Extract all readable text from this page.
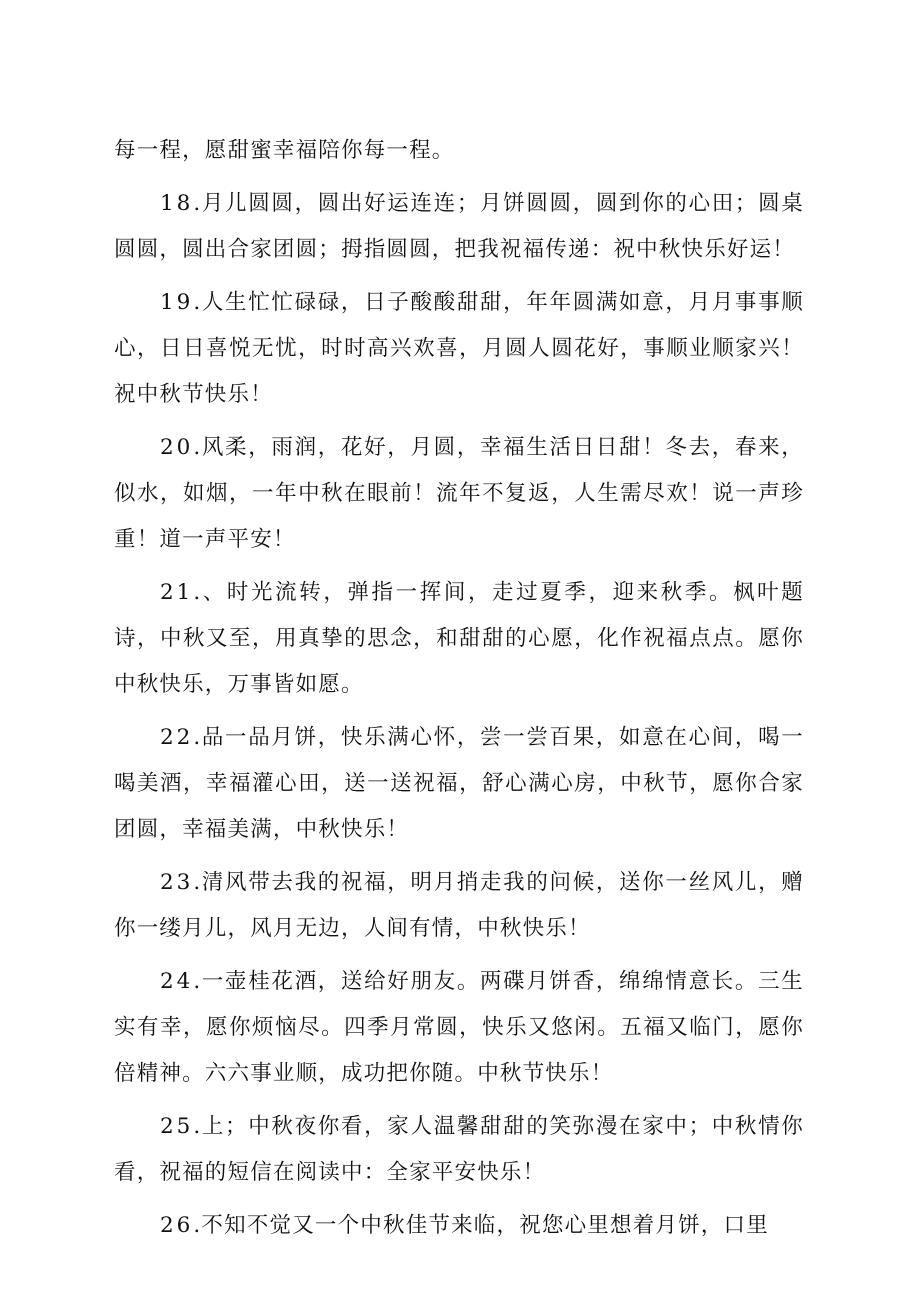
每一程，愿甜蜜幸福陪你每一程。

18.月儿圆圆，圆出好运连连；月饼圆圆，圆到你的心田；圆桌圆圆，圆出合家团圆；拇指圆圆，把我祝福传递：祝中秋快乐好运！

19.人生忙忙碌碌，日子酸酸甜甜，年年圆满如意，月月事事顺心，日日喜悦无忧，时时高兴欢喜，月圆人圆花好，事顺业顺家兴！祝中秋节快乐！

20.风柔，雨润，花好，月圆，幸福生活日日甜！冬去，春来，似水，如烟，一年中秋在眼前！流年不复返，人生需尽欢！说一声珍重！道一声平安！

21.、时光流转，弹指一挥间，走过夏季，迎来秋季。枫叶题诗，中秋又至，用真挚的思念，和甜甜的心愿，化作祝福点点。愿你中秋快乐，万事皆如愿。

22.品一品月饼，快乐满心怀，尝一尝百果，如意在心间，喝一喝美酒，幸福灌心田，送一送祝福，舒心满心房，中秋节，愿你合家团圆，幸福美满，中秋快乐！

23.清风带去我的祝福，明月捎走我的问候，送你一丝风儿，赠你一缕月儿，风月无边，人间有情，中秋快乐！

24.一壶桂花酒，送给好朋友。两碟月饼香，绵绵情意长。三生实有幸，愿你烦恼尽。四季月常圆，快乐又悠闲。五福又临门，愿你倍精神。六六事业顺，成功把你随。中秋节快乐！

25.上；中秋夜你看，家人温馨甜甜的笑弥漫在家中；中秋情你看，祝福的短信在阅读中：全家平安快乐！

26.不知不觉又一个中秋佳节来临，祝您心里想着月饼，口里
